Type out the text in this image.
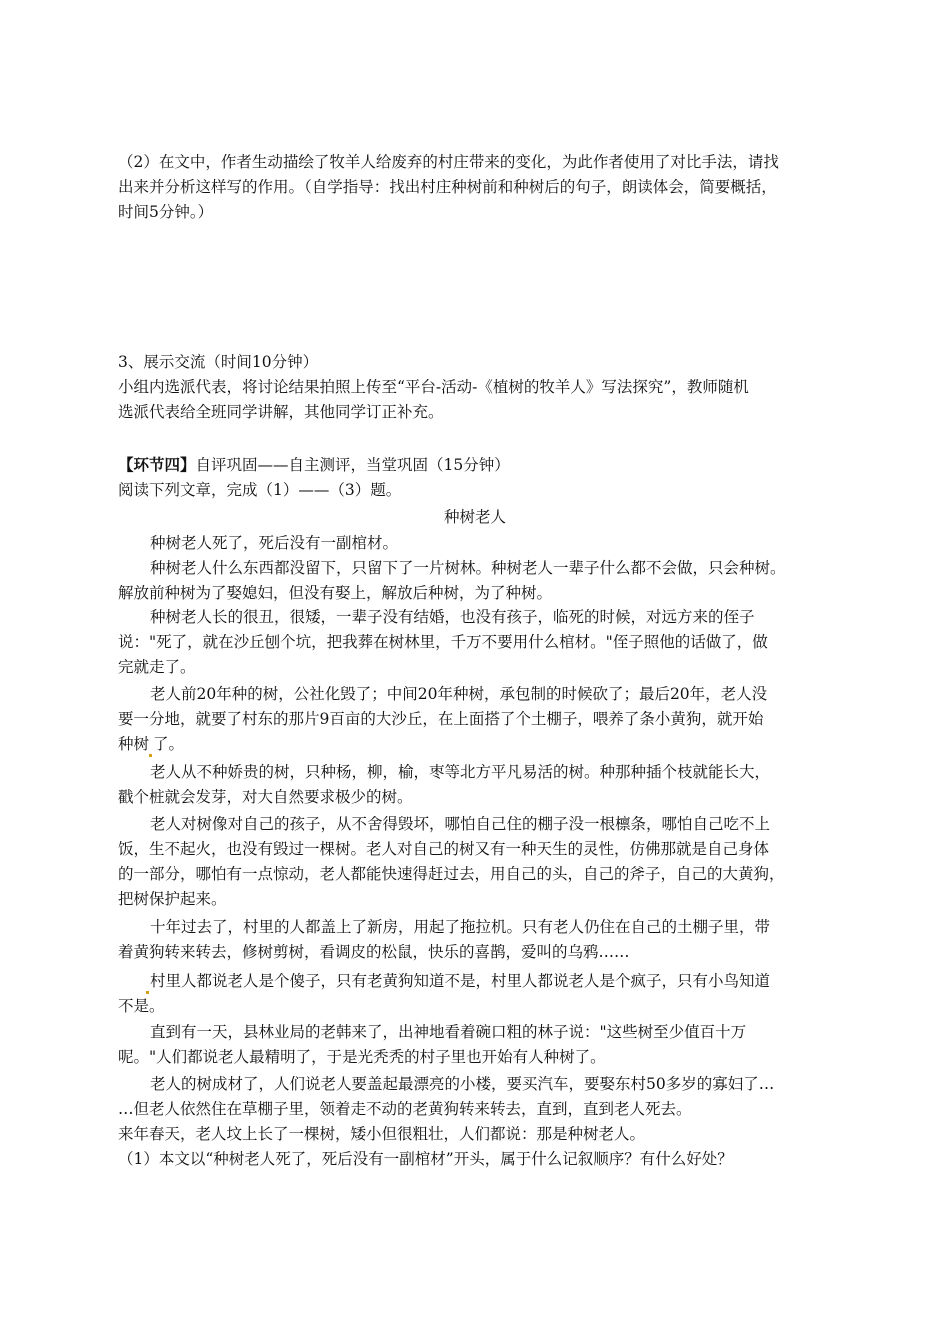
（2）在文中，作者生动描绘了牧羊人给废弃的村庄带来的变化，为此作者使用了对比手法，请找
出来并分析这样写的作用。（自学指导：找出村庄种树前和种树后的句子，朗读体会，简要概括，
时间5分钟。）
3、展示交流（时间10分钟）
小组内选派代表，将讨论结果拍照上传至“平台-活动-《植树的牧羊人》写法探究”，教师随机
选派代表给全班同学讲解，其他同学订正补充。
【环节四】自评巩固——自主测评，当堂巩固（15分钟）
阅读下列文章，完成（1）——（3）题。
种树老人
种树老人死了，死后没有一副棺材。
种树老人什么东西都没留下，只留下了一片树林。种树老人一辈子什么都不会做，只会种树。
解放前种树为了娶媳妇，但没有娶上，解放后种树，为了种树。
种树老人长的很丑，很矮，一辈子没有结婚，也没有孩子，临死的时候，对远方来的侄子
说："死了，就在沙丘刨个坑，把我葬在树林里，千万不要用什么棺材。"侄子照他的话做了，做
完就走了。
老人前20年种的树，公社化毁了；中间20年种树，承包制的时候砍了；最后20年，老人没
要一分地，就要了村东的那片9百亩的大沙丘，在上面搭了个土棚子，喂养了条小黄狗，就开始
种树 了。
老人从不种娇贵的树，只种杨，柳，榆，枣等北方平凡易活的树。种那种插个枝就能长大，
戳个桩就会发芽，对大自然要求极少的树。
老人对树像对自己的孩子，从不舍得毁坏，哪怕自己住的棚子没一根檩条，哪怕自己吃不上
饭，生不起火，也没有毁过一棵树。老人对自己的树又有一种天生的灵性，仿佛那就是自己身体
的一部分，哪怕有一点惊动，老人都能快速得赶过去，用自己的头，自己的斧子，自己的大黄狗，
把树保护起来。
十年过去了，村里的人都盖上了新房，用起了拖拉机。只有老人仍住在自己的土棚子里，带
着黄狗转来转去，修树剪树，看调皮的松鼠，快乐的喜鹊，爱叫的乌鸦……
村里人都说老人是个傻子，只有老黄狗知道不是，村里人都说老人是个疯子，只有小鸟知道
不是。
直到有一天，县林业局的老韩来了，出神地看着碗口粗的林子说："这些树至少值百十万
呢。"人们都说老人最精明了，于是光秃秃的村子里也开始有人种树了。
老人的树成材了，人们说老人要盖起最漂亮的小楼，要买汽车，要娶东村50多岁的寡妇了…
…但老人依然住在草棚子里，领着走不动的老黄狗转来转去，直到，直到老人死去。
来年春天，老人坟上长了一棵树，矮小但很粗壮，人们都说：那是种树老人。
（1）本文以“种树老人死了，死后没有一副棺材”开头，属于什么记叙顺序？有什么好处？
